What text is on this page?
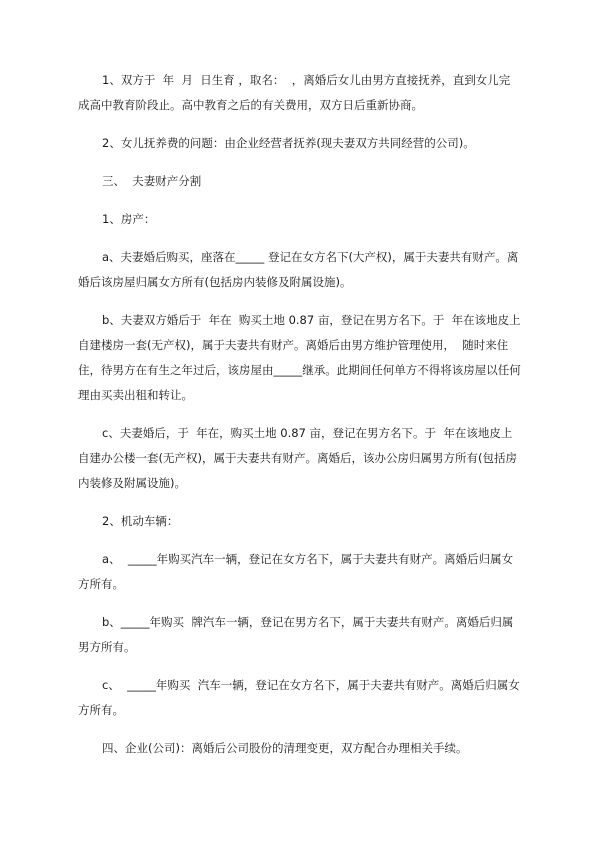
1、双方于  年  月  日生育 ，取名：  ，离婚后女儿由男方直接抚养，直到女儿完成高中教育阶段止。高中教育之后的有关费用，双方日后重新协商。

2、女儿抚养费的问题：由企业经营者抚养(现夫妻双方共同经营的公司)。

三、  夫妻财产分割

1、房产：

a、夫妻婚后购买，座落在_____ 登记在女方名下(大产权)，属于夫妻共有财产。离婚后该房屋归属女方所有(包括房内装修及附属设施)。

b、夫妻双方婚后于  年在  购买土地 0.87 亩，登记在男方名下。于  年在该地皮上自建楼房一套(无产权)，属于夫妻共有财产。离婚后由男方维护管理使用，  随时来住住，待男方在有生之年过后，该房屋由_____继承。此期间任何单方不得将该房屋以任何理由买卖出租和转让。

c、夫妻婚后，于  年在，购买土地 0.87 亩，登记在男方名下。于  年在该地皮上自建办公楼一套(无产权)，属于夫妻共有财产。离婚后，该办公房归属男方所有(包括房内装修及附属设施)。

2、机动车辆：

a、  _____年购买汽车一辆，登记在女方名下，属于夫妻共有财产。离婚后归属女方所有。

b、_____年购买  牌汽车一辆，登记在男方名下，属于夫妻共有财产。离婚后归属男方所有。

c、  _____年购买  汽车一辆，登记在女方名下，属于夫妻共有财产。离婚后归属女方所有。

四、企业(公司)：离婚后公司股份的清理变更，双方配合办理相关手续。
